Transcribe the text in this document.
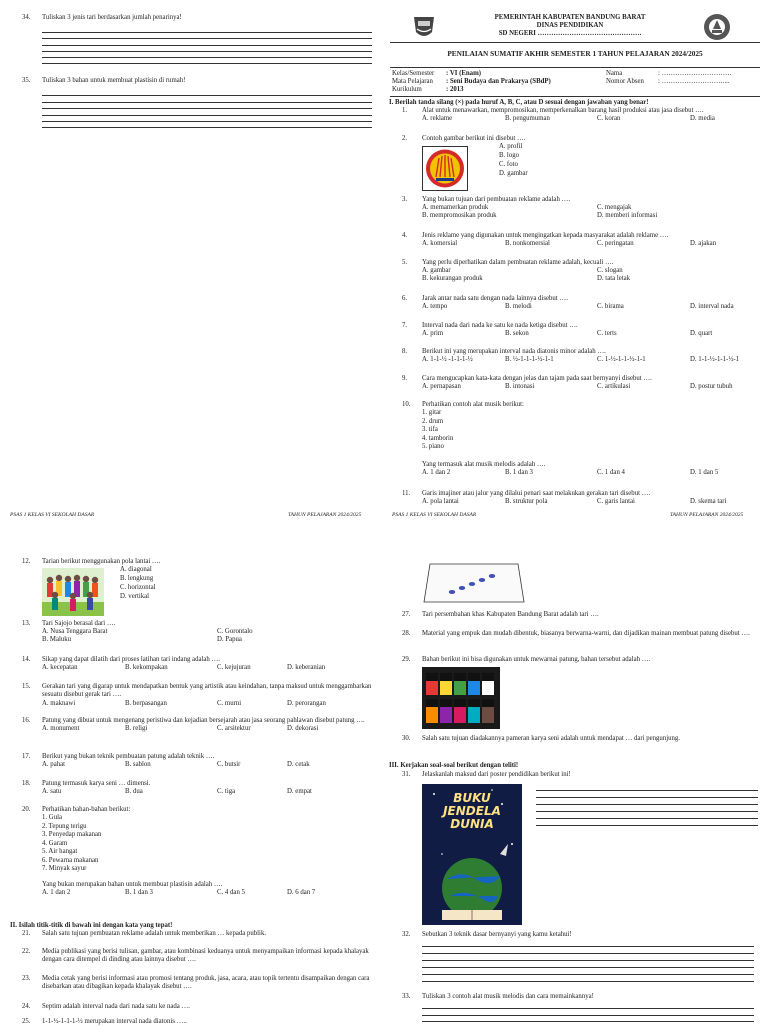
34. Tuliskan 3 jenis tari berdasarkan jumlah penarinya!
35. Tuliskan 3 bahan untuk membuat plastisin di rumah!
PSAS 1 KELAS VI SEKOLAH DASAR	TAHUN PELAJARAN 2024/2025
PEMERINTAH KABUPATEN BANDUNG BARAT
DINAS PENDIDIKAN
SD NEGERI ……………………………………….
PENILAIAN SUMATIF AKHIR SEMESTER 1 TAHUN PELAJARAN 2024/2025
Kelas/Semester : VI (Enam)
Mata Pelajaran : Seni Budaya dan Prakarya (SBdP)
Kurikulum	: 2013
Nama	: ………………………….
Nomor Absen : ………………………....
I. Berilah tanda silang (×) pada huruf A, B, C, atau D sesuai dengan jawaban yang benar!
1. Alat untuk menawarkan, mempromosikan, memperkenalkan barang hasil produksi atau jasa disebut ….
A. reklame	B. pengumuman	C. koran	D. media
2. Contoh gambar berikut ini disebut ….
A. profil
B. logo
C. foto
D. gambar
3. Yang bukan tujuan dari pembuatan reklame adalah ….
A. memamerkan produk	C. mengajak
B. mempromosikan produk	D. memberi informasi
4. Jenis reklame yang digunakan untuk mengingatkan kepada masyarakat adalah reklame ….
A. komersial	B. nonkomersial	C. peringatan	D. ajakan
5. Yang perlu diperhatikan dalam pembuatan reklame adalah, kecuali ….
A. gambar	C. slogan
B. kekurangan produk	D. tata letak
6. Jarak antar nada satu dengan nada lainnya disebut ….
A. tempo	B. melodi	C. birama	D. interval nada
7. Interval nada dari nada ke satu ke nada ketiga disebut ….
A. prim	B. sekon	C. terts	D. quart
8. Berikut ini yang merupakan interval nada diatonis minor adalah ….
A. 1-1-½ -1-1-1-½	B. ½-1-1-1-½-1-1	C. 1-½-1-1-½-1-1	D. 1-1-½-1-1-½-1
9. Cara mengucapkan kata-kata dengan jelas dan tajam pada saat bernyanyi disebut ….
A. pernapasan	B. intonasi	C. artikulasi	D. postur tubuh
10. Perhatikan contoh alat musik berikut:
1. gitar
2. drum
3. tifa
4. tamborin
5. piano
Yang termasuk alat musik melodis adalah ….
A. 1 dan 2	B. 1 dan 3	C. 1 dan 4	D. 1 dan 5
11. Garis imajiner atau jalur yang dilalui penari saat melakukan gerakan tari disebut ….
A. pola lantai	B. struktur pola	C. garis lantai	D. skema tari
PSAS 1 KELAS VI SEKOLAH DASAR	TAHUN PELAJARAN 2024/2025
12. Tarian berikut menggunakan pola lantai ….
A. diagonal
B. lengkung
C. horizontal
D. vertikal
13. Tari Sajojo berasal dari ….
A. Nusa Tenggara Barat	C. Gorontalo
B. Maluku	D. Papua
14. Sikap yang dapat dilatih dari proses latihan tari indang adalah ….
A. kecepatan	B. kekompakan	C. kejujuran	D. keberanian
15. Gerakan tari yang digarap untuk mendapatkan bentuk yang artistik atau keindahan, tanpa maksud untuk menggambarkan sesuatu disebut gerak tari ….
A. maknawi	B. berpasangan	C. murni	D. perorangan
16. Patung yang dibuat untuk mengenang peristiwa dan kejadian bersejarah atau jasa seorang pahlawan disebut patung ….
A. monument	B. religi	C. arsitektur	D. dekorasi
17. Berikut yang bukan teknik pembuatan patung adalah teknik ….
A. pahat	B. sablon	C. butsir	D. cetak
18. Patung termasuk karya seni … dimensi.
A. satu	B. dua	C. tiga	D. empat
20. Perhatikan bahan-bahan berikut:
1. Gula
2. Tepung terigu
3. Penyedap makanan
4. Garam
5. Air hangat
6. Pewarna makanan
7. Minyak sayur
Yang bukan merupakan bahan untuk membuat plastisin adalah ….
A. 1 dan 2	B. 1 dan 3	C. 4 dan 5	D. 6 dan 7
II. Isilah titik-titik di bawah ini dengan kata yang tepat!
21. Salah satu tujuan pembuatan reklame adalah untuk memberikan … kepada publik.
22. Media publikasi yang berisi tulisan, gambar, atau kombinasi keduanya untuk menyampaikan informasi kepada khalayak dengan cara ditempel di dinding atau lainnya disebut ….
23. Media cetak yang berisi informasi atau promosi tentang produk, jasa, acara, atau topik tertentu disampaikan dengan cara disebarkan atau dibagikan kepada khalayak disebut ….
24. Septim adalah interval nada dari nada satu ke nada ….
25. 1-1-½-1-1-1-½ merupakan interval nada diatonis …..
27. Tari persembahan khas Kabupaten Bandung Barat adalah tari ….
28. Material yang empuk dan mudah dibentuk, biasanya berwarna-warni, dan dijadikan mainan membuat patung disebut ….
29. Bahan berikut ini bisa digunakan untuk mewarnai patung, bahan tersebut adalah ….
30. Salah satu tujuan diadakannya pameran karya seni adalah untuk mendapat … dari pengunjung.
III. Kerjakan soal-soal berikut dengan teliti!
31. Jelaskanlah maksud dari poster pendidikan berikut ini!
BUKU
JENDELA
DUNIA
32. Sebutkan 3 teknik dasar bernyanyi yang kamu ketahui!
33. Tuliskan 3 contoh alat musik melodis dan cara memainkannya!
